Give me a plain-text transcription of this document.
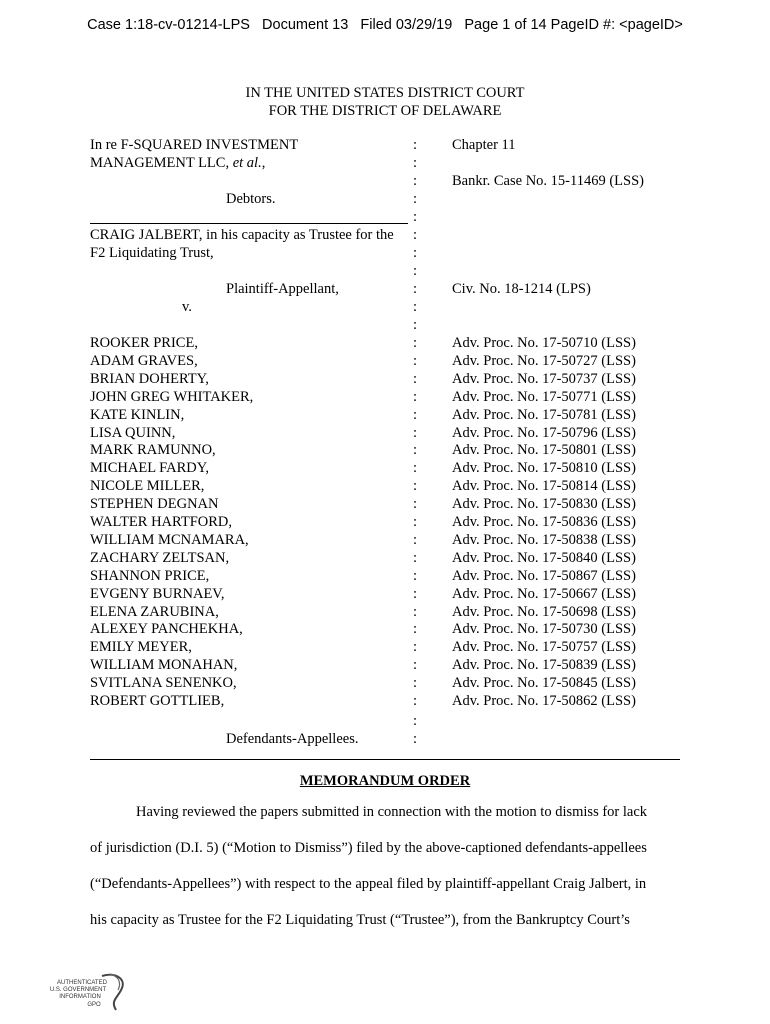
Case 1:18-cv-01214-LPS Document 13 Filed 03/29/19 Page 1 of 14 PageID #: <pageID>
IN THE UNITED STATES DISTRICT COURT
FOR THE DISTRICT OF DELAWARE
In re F-SQUARED INVESTMENT	: Chapter 11
MANAGEMENT LLC, et al.,	:
: Bankr. Case No. 15-11469 (LSS)
Debtors.	:
:
CRAIG JALBERT, in his capacity as Trustee for the :
F2 Liquidating Trust,	:
:
Plaintiff-Appellant,	: Civ. No. 18-1214 (LPS)
v.	:
:
ROOKER PRICE,	: Adv. Proc. No. 17-50710 (LSS)
ADAM GRAVES,	: Adv. Proc. No. 17-50727 (LSS)
BRIAN DOHERTY,	: Adv. Proc. No. 17-50737 (LSS)
JOHN GREG WHITAKER,	: Adv. Proc. No. 17-50771 (LSS)
KATE KINLIN,	: Adv. Proc. No. 17-50781 (LSS)
LISA QUINN,	: Adv. Proc. No. 17-50796 (LSS)
MARK RAMUNNO,	: Adv. Proc. No. 17-50801 (LSS)
MICHAEL FARDY,	: Adv. Proc. No. 17-50810 (LSS)
NICOLE MILLER,	: Adv. Proc. No. 17-50814 (LSS)
STEPHEN DEGNAN	: Adv. Proc. No. 17-50830 (LSS)
WALTER HARTFORD,	: Adv. Proc. No. 17-50836 (LSS)
WILLIAM MCNAMARA,	: Adv. Proc. No. 17-50838 (LSS)
ZACHARY ZELTSAN,	: Adv. Proc. No. 17-50840 (LSS)
SHANNON PRICE,	: Adv. Proc. No. 17-50867 (LSS)
EVGENY BURNAEV,	: Adv. Proc. No. 17-50667 (LSS)
ELENA ZARUBINA,	: Adv. Proc. No. 17-50698 (LSS)
ALEXEY PANCHEKHA,	: Adv. Proc. No. 17-50730 (LSS)
EMILY MEYER,	: Adv. Proc. No. 17-50757 (LSS)
WILLIAM MONAHAN,	: Adv. Proc. No. 17-50839 (LSS)
SVITLANA SENENKO,	: Adv. Proc. No. 17-50845 (LSS)
ROBERT GOTTLIEB,	: Adv. Proc. No. 17-50862 (LSS)
:
Defendants-Appellees.	:
MEMORANDUM ORDER
Having reviewed the papers submitted in connection with the motion to dismiss for lack
of jurisdiction (D.I. 5) (“Motion to Dismiss”) filed by the above-captioned defendants-appellees
(“Defendants-Appellees”) with respect to the appeal filed by plaintiff-appellant Craig Jalbert, in
his capacity as Trustee for the F2 Liquidating Trust (“Trustee”), from the Bankruptcy Court’s
AUTHENTICATED
U.S. GOVERNMENT
INFORMATION
GPO
